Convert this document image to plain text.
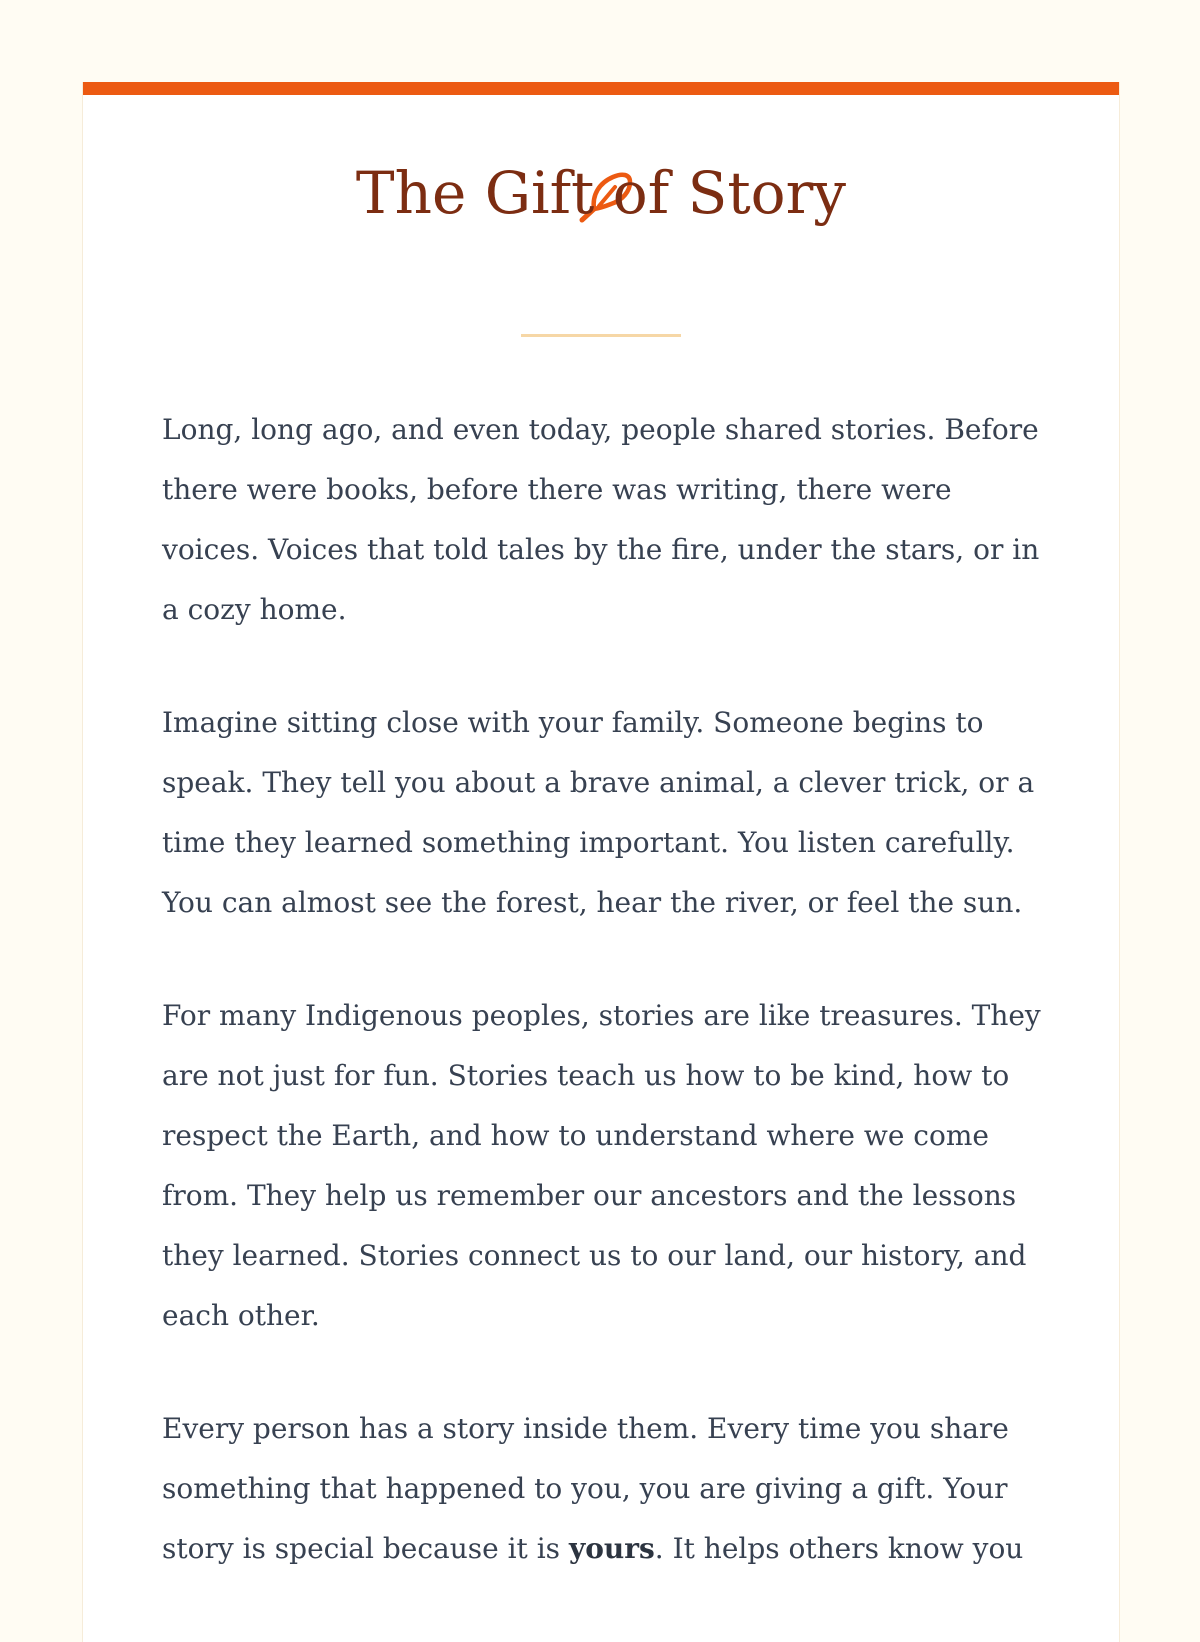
The Gift of Story

Long, long ago, and even today, people shared stories. Before there were books, before there was writing, there were voices. Voices that told tales by the fire, under the stars, or in a cozy home.

Imagine sitting close with your family. Someone begins to speak. They tell you about a brave animal, a clever trick, or a time they learned something important. You listen carefully. You can almost see the forest, hear the river, or feel the sun.

For many Indigenous peoples, stories are like treasures. They are not just for fun. Stories teach us how to be kind, how to respect the Earth, and how to understand where we come from. They help us remember our ancestors and the lessons they learned. Stories connect us to our land, our history, and each other.

Every person has a story inside them. Every time you share something that happened to you, you are giving a gift. Your story is special because it is yours. It helps others know you
